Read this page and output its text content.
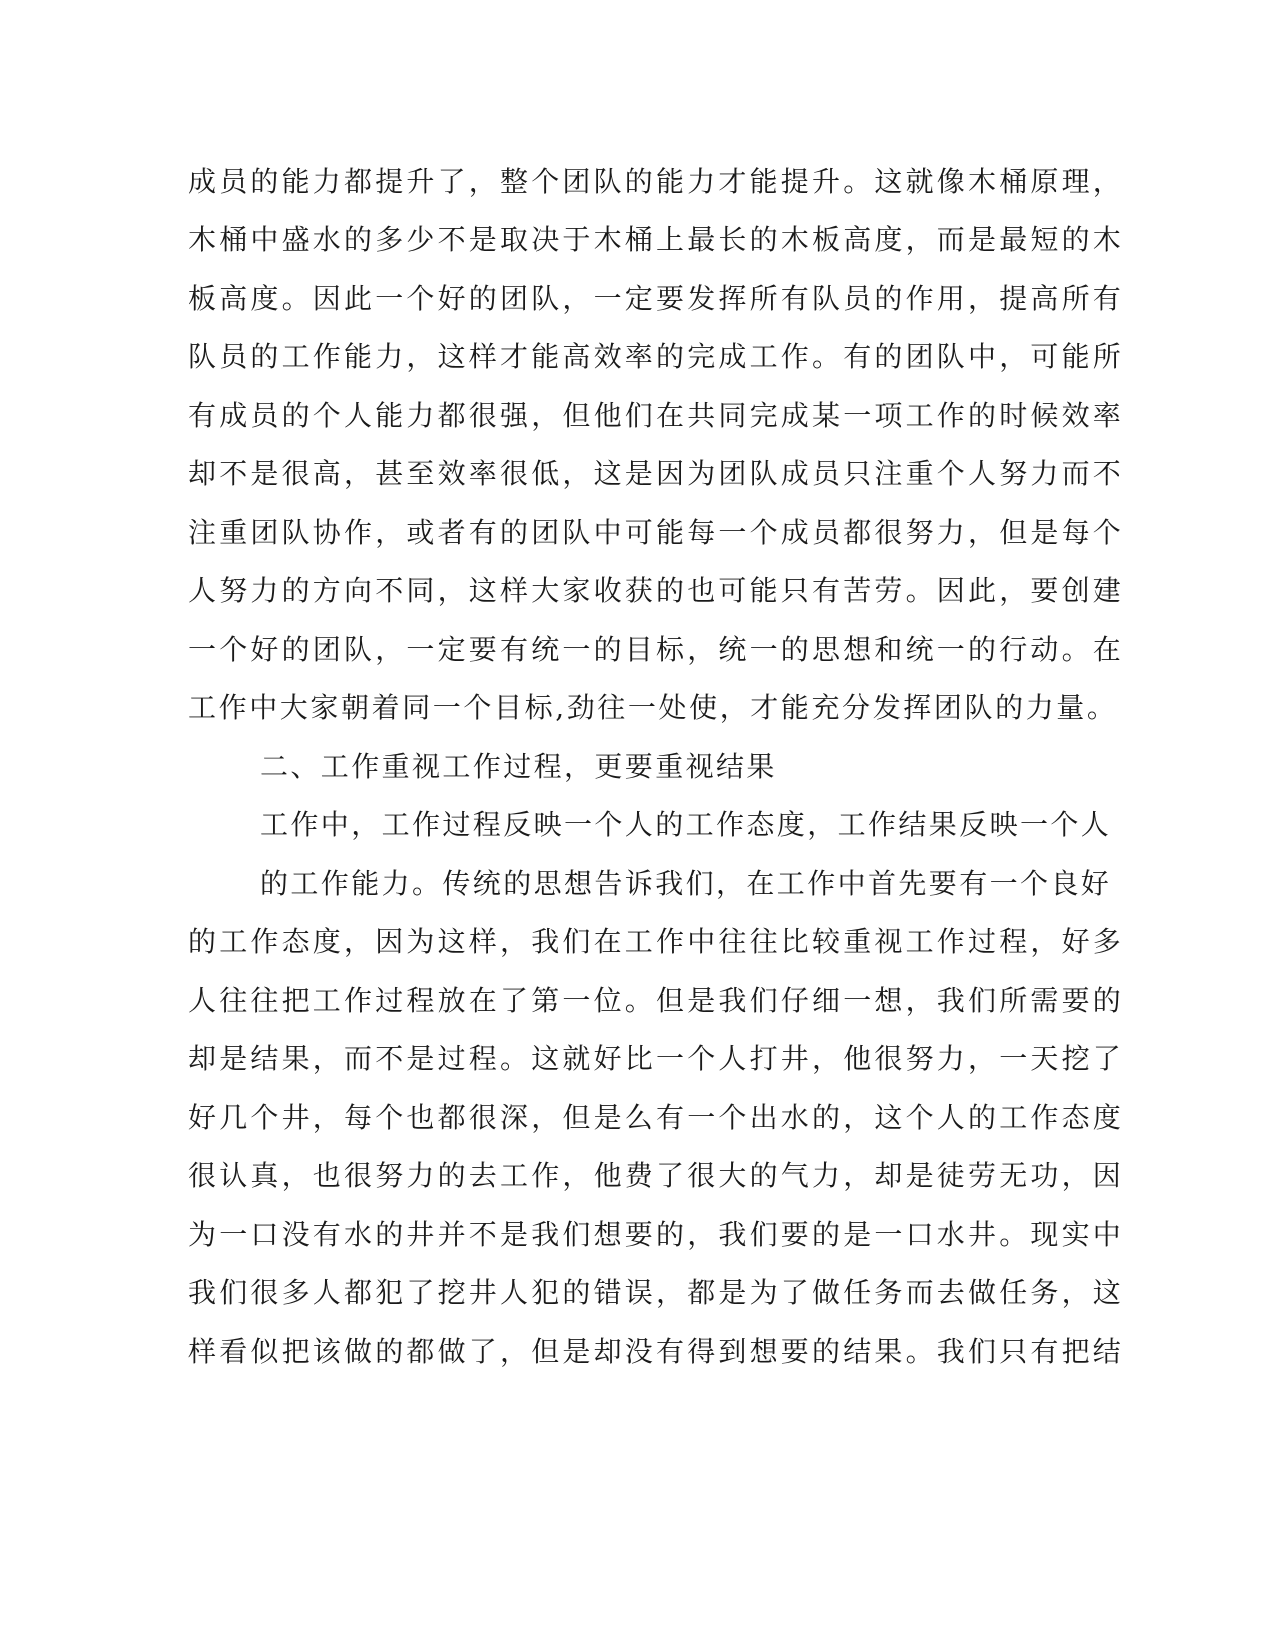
成员的能力都提升了，整个团队的能力才能提升。这就像木桶原理，
木桶中盛水的多少不是取决于木桶上最长的木板高度，而是最短的木
板高度。因此一个好的团队，一定要发挥所有队员的作用，提高所有
队员的工作能力，这样才能高效率的完成工作。有的团队中，可能所
有成员的个人能力都很强，但他们在共同完成某一项工作的时候效率
却不是很高，甚至效率很低，这是因为团队成员只注重个人努力而不
注重团队协作，或者有的团队中可能每一个成员都很努力，但是每个
人努力的方向不同，这样大家收获的也可能只有苦劳。因此，要创建
一个好的团队，一定要有统一的目标，统一的思想和统一的行动。在
工作中大家朝着同一个目标,劲往一处使，才能充分发挥团队的力量。
二、工作重视工作过程，更要重视结果
工作中，工作过程反映一个人的工作态度，工作结果反映一个人
的工作能力。传统的思想告诉我们，在工作中首先要有一个良好
的工作态度，因为这样，我们在工作中往往比较重视工作过程，好多
人往往把工作过程放在了第一位。但是我们仔细一想，我们所需要的
却是结果，而不是过程。这就好比一个人打井，他很努力，一天挖了
好几个井，每个也都很深，但是么有一个出水的，这个人的工作态度
很认真，也很努力的去工作，他费了很大的气力，却是徒劳无功，因
为一口没有水的井并不是我们想要的，我们要的是一口水井。现实中
我们很多人都犯了挖井人犯的错误，都是为了做任务而去做任务，这
样看似把该做的都做了，但是却没有得到想要的结果。我们只有把结
